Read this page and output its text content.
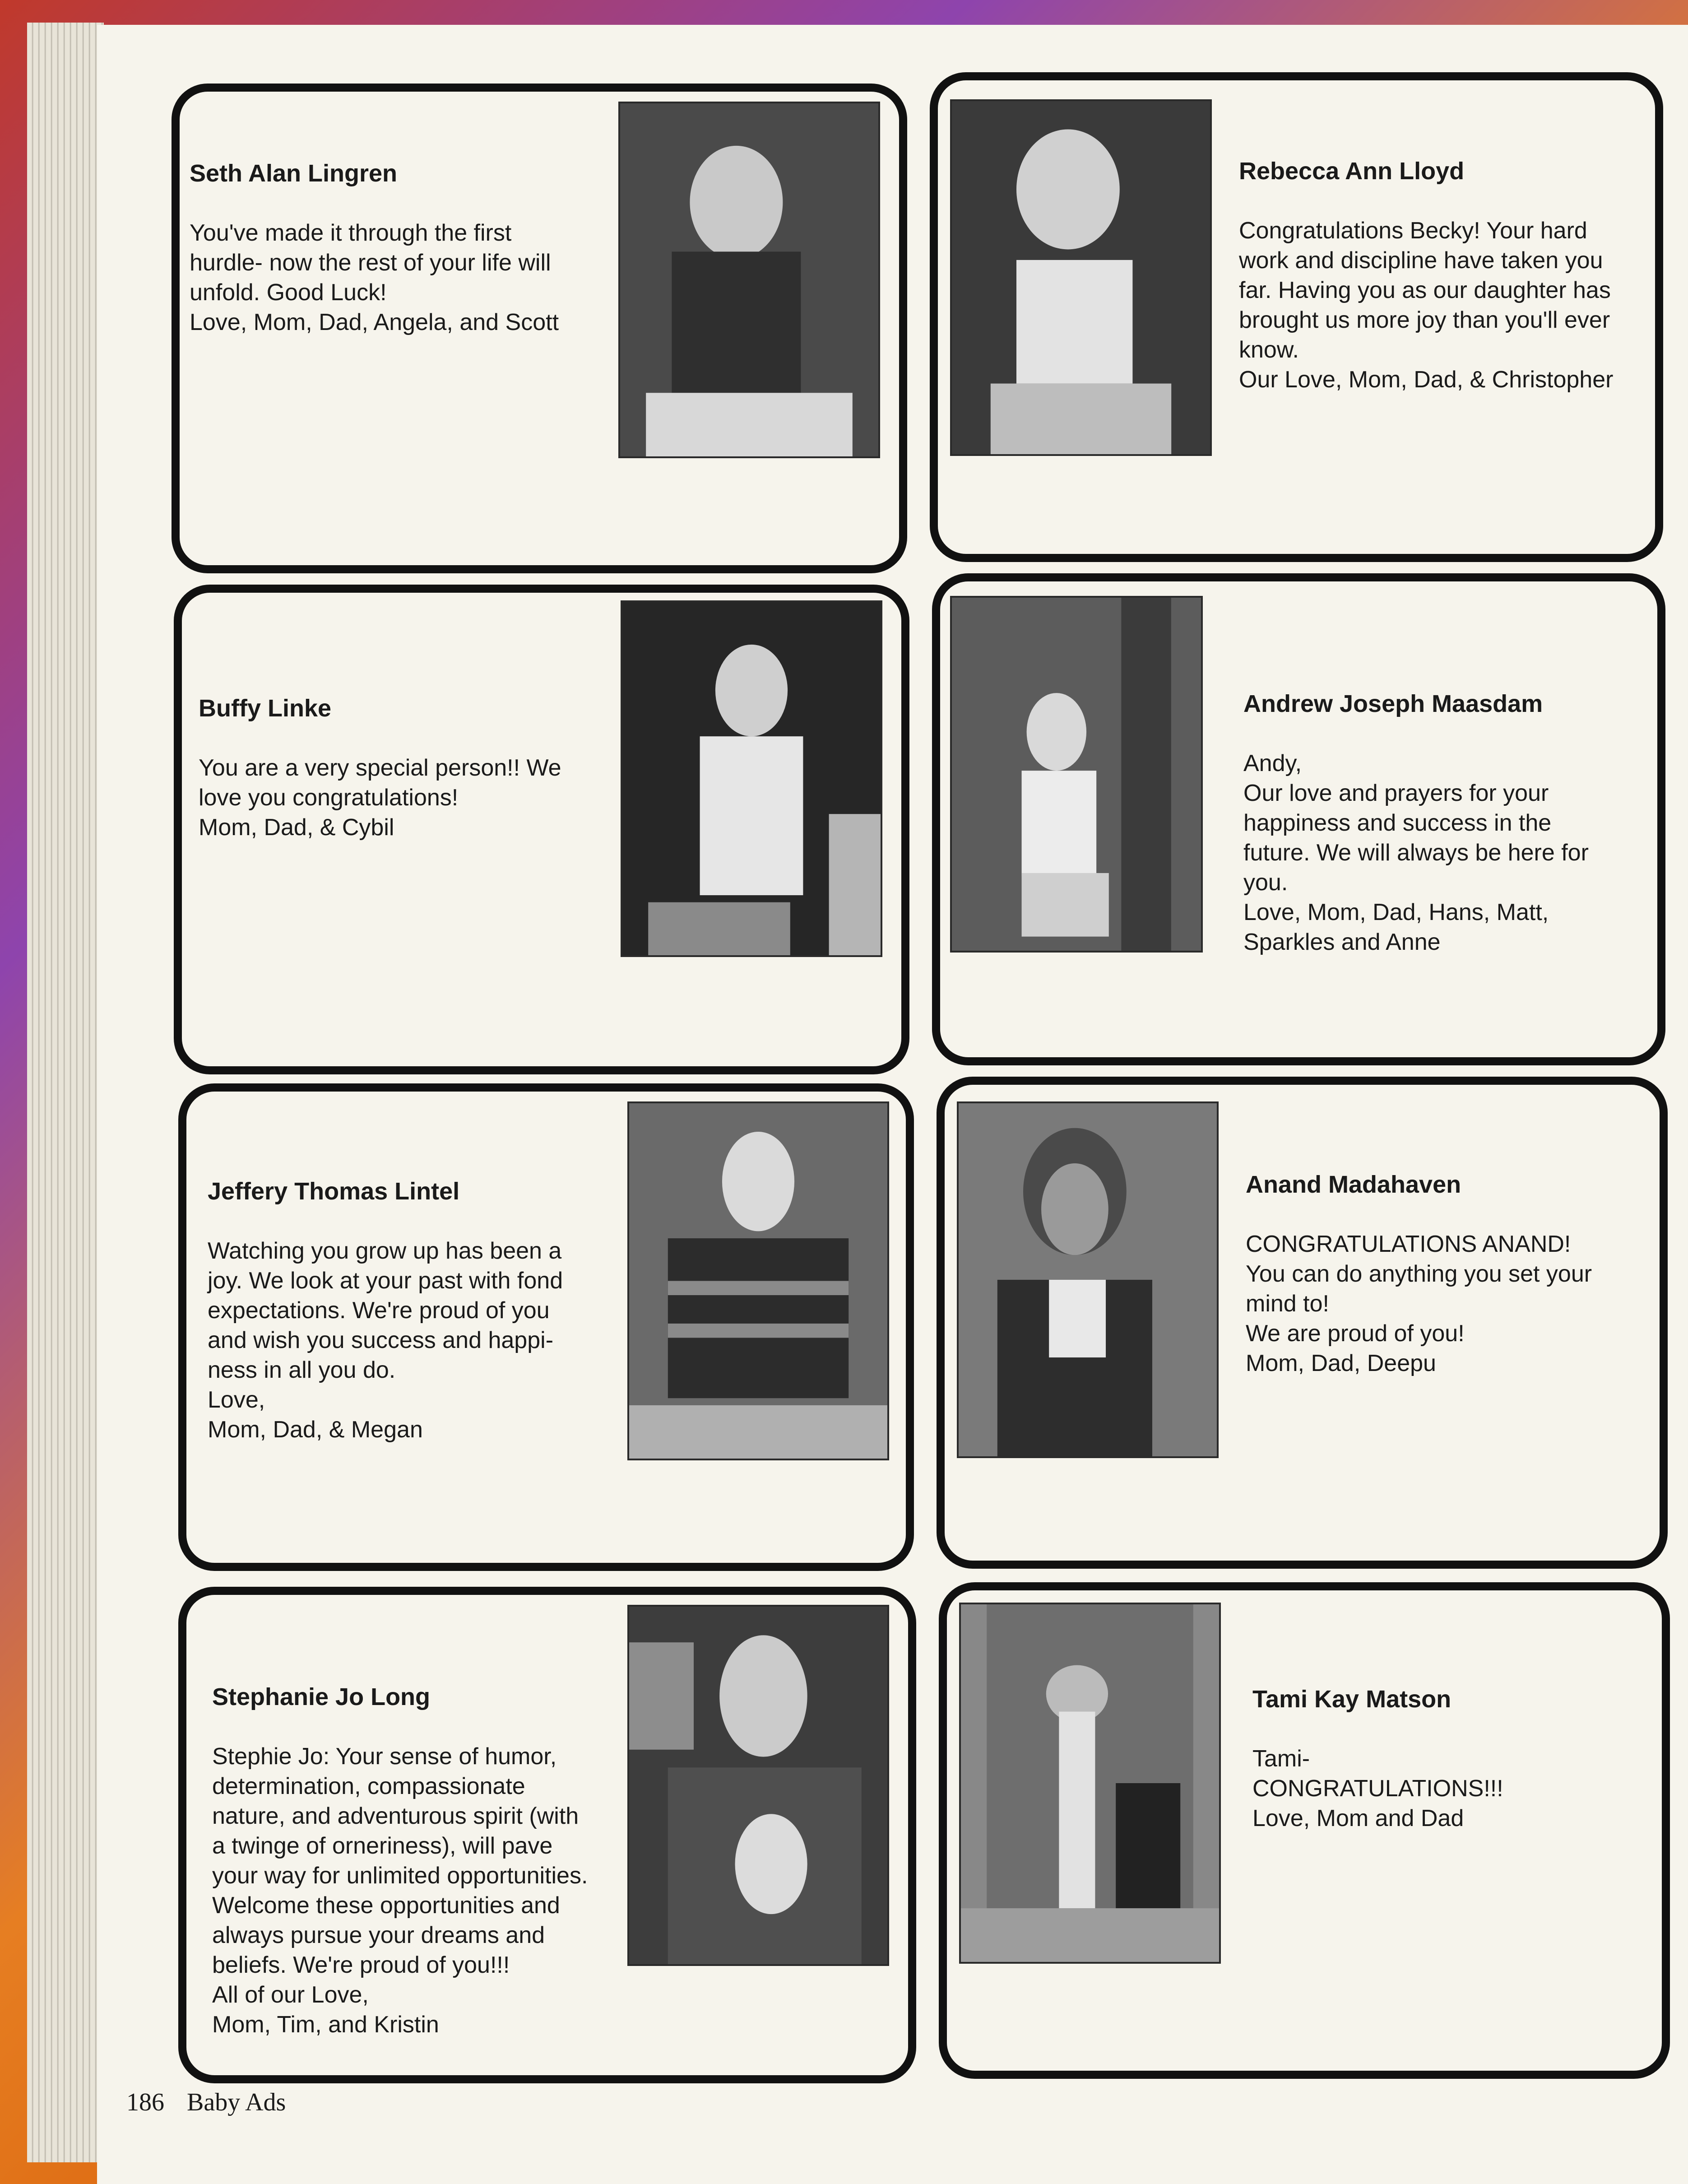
Seth Alan Lingren

You've made it through the first
hurdle- now the rest of your life will
unfold. Good Luck!
Love, Mom, Dad, Angela, and Scott

Rebecca Ann Lloyd

Congratulations Becky! Your hard
work and discipline have taken you
far. Having you as our daughter has
brought us more joy than you'll ever
know.
Our Love, Mom, Dad, & Christopher

Buffy Linke

You are a very special person!! We
love you congratulations!
Mom, Dad, & Cybil

Andrew Joseph Maasdam

Andy,
Our love and prayers for your
happiness and success in the
future. We will always be here for
you.
Love, Mom, Dad, Hans, Matt,
Sparkles and Anne

Jeffery Thomas Lintel

Watching you grow up has been a
joy. We look at your past with fond
expectations. We're proud of you
and wish you success and happi-
ness in all you do.
Love,
Mom, Dad, & Megan

Anand Madahaven

CONGRATULATIONS ANAND!
You can do anything you set your
mind to!
We are proud of you!
Mom, Dad, Deepu

Stephanie Jo Long

Stephie Jo: Your sense of humor,
determination, compassionate
nature, and adventurous spirit (with
a twinge of orneriness), will pave
your way for unlimited opportunities.
Welcome these opportunities and
always pursue your dreams and
beliefs. We're proud of you!!!
All of our Love,
Mom, Tim, and Kristin

Tami Kay Matson

Tami-
CONGRATULATIONS!!!
Love, Mom and Dad

186 Baby Ads
